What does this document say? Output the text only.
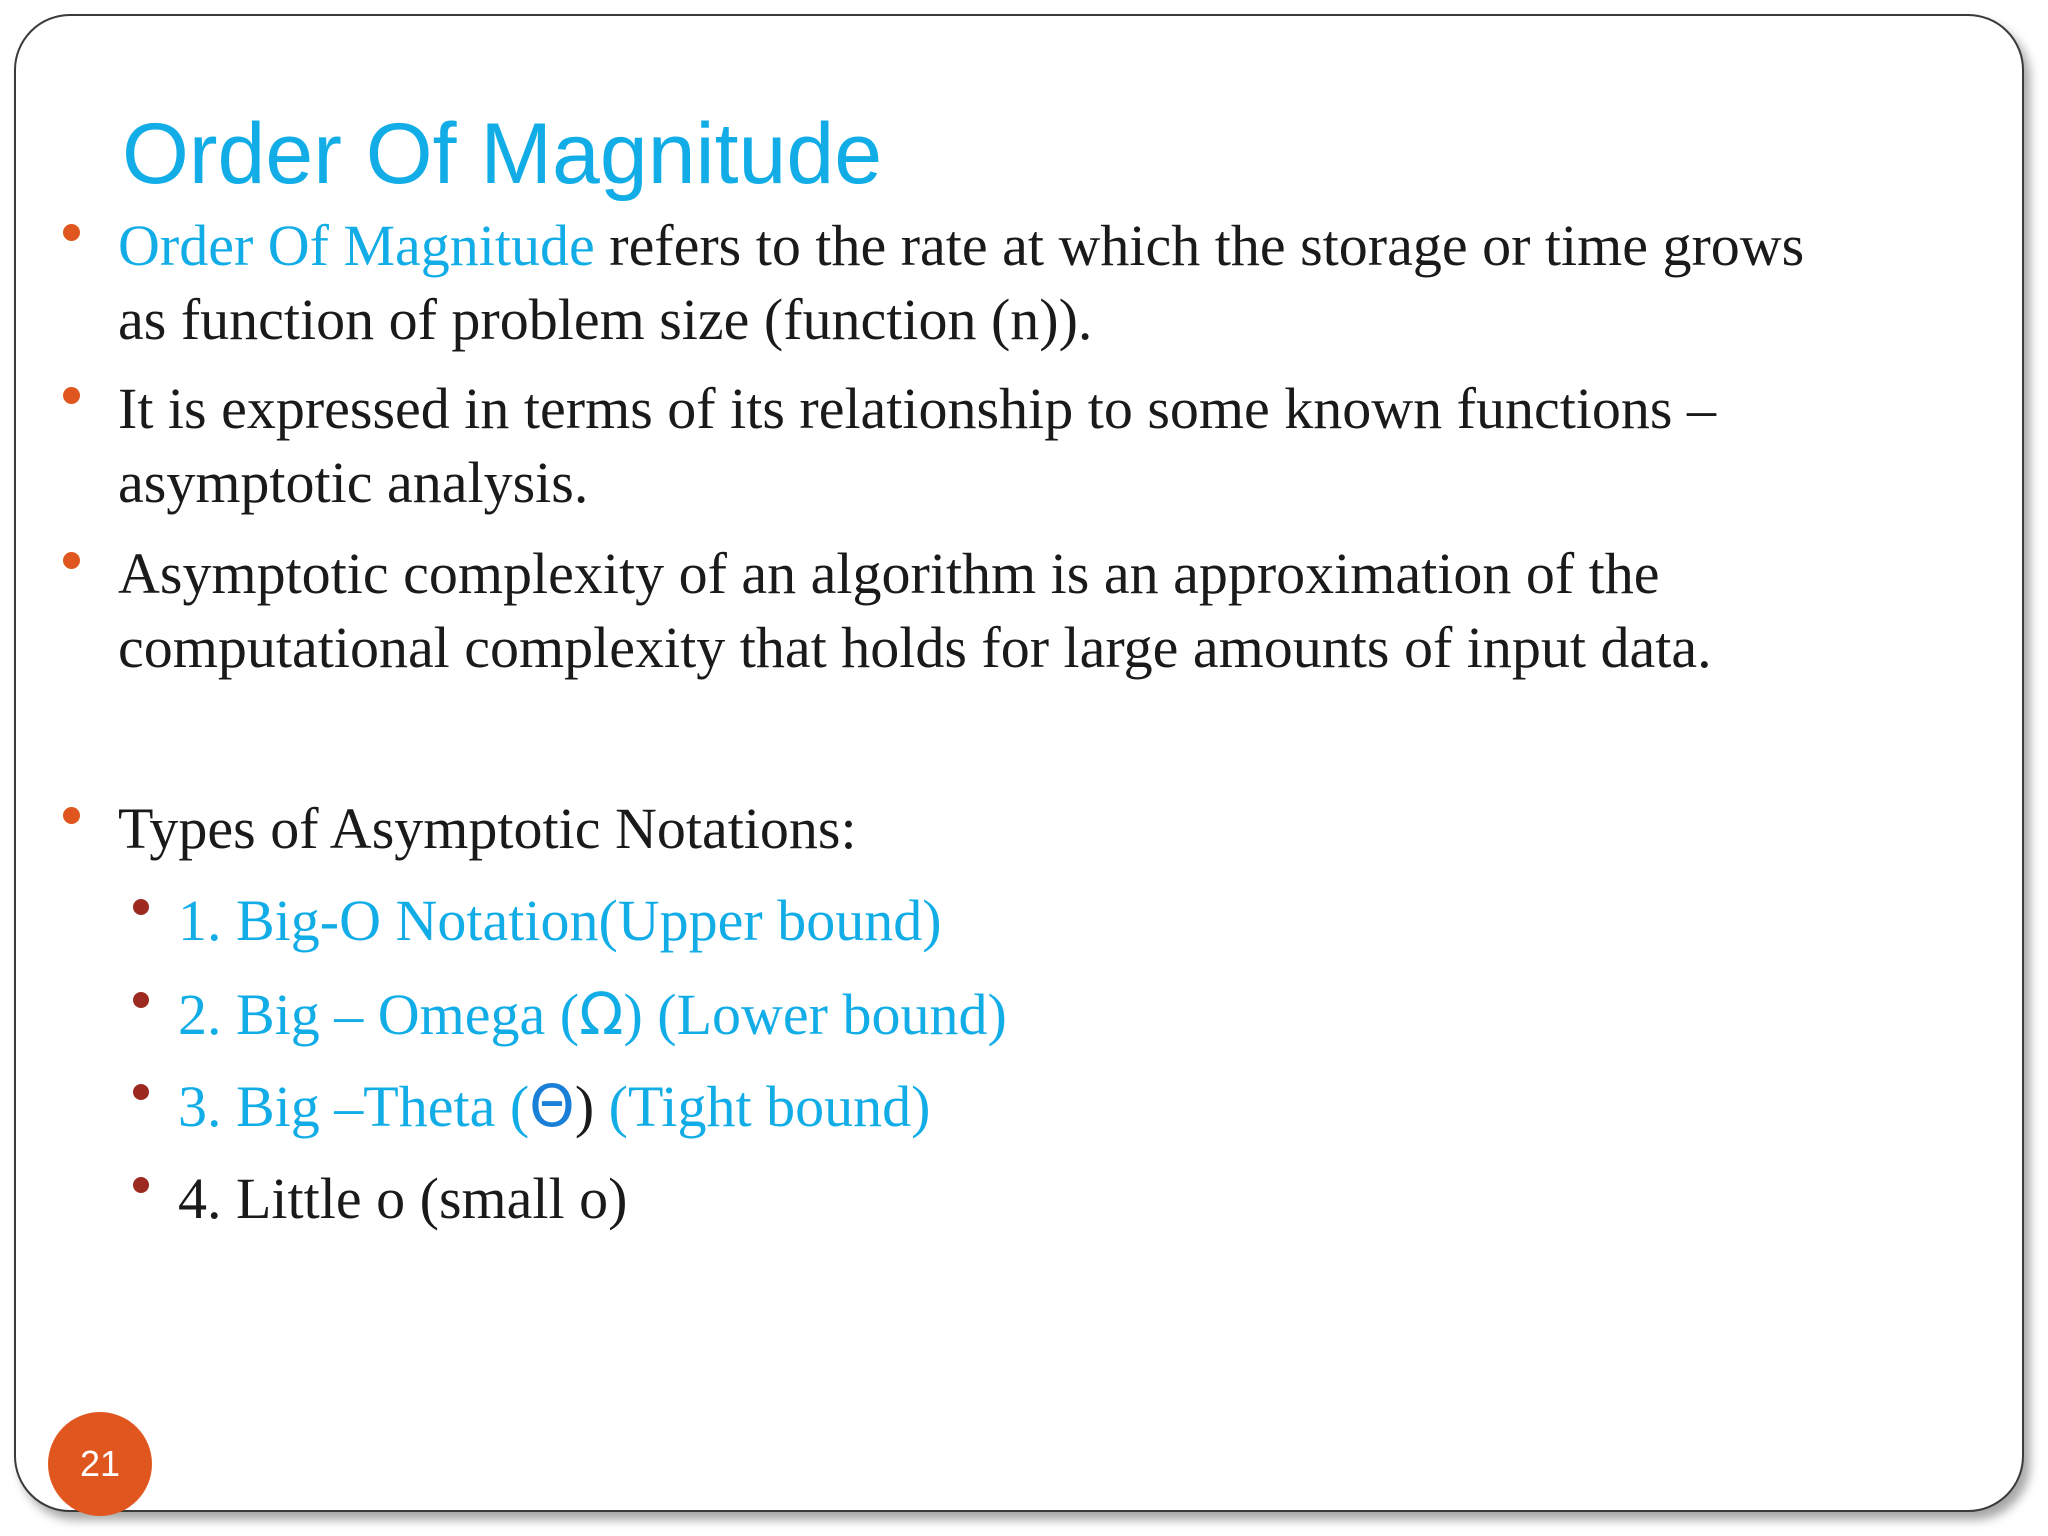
Order Of Magnitude
Order Of Magnitude refers to the rate at which the storage or time grows
as function of problem size (function (n)).
It is expressed in terms of its relationship to some known functions –
asymptotic analysis.
Asymptotic complexity of an algorithm is an approximation of the
computational complexity that holds for large amounts of input data.
Types of Asymptotic Notations:
1. Big-O Notation(Upper bound)
2. Big – Omega (Ω) (Lower bound)
3. Big –Theta (Θ) (Tight bound)
4. Little o (small o)
21
